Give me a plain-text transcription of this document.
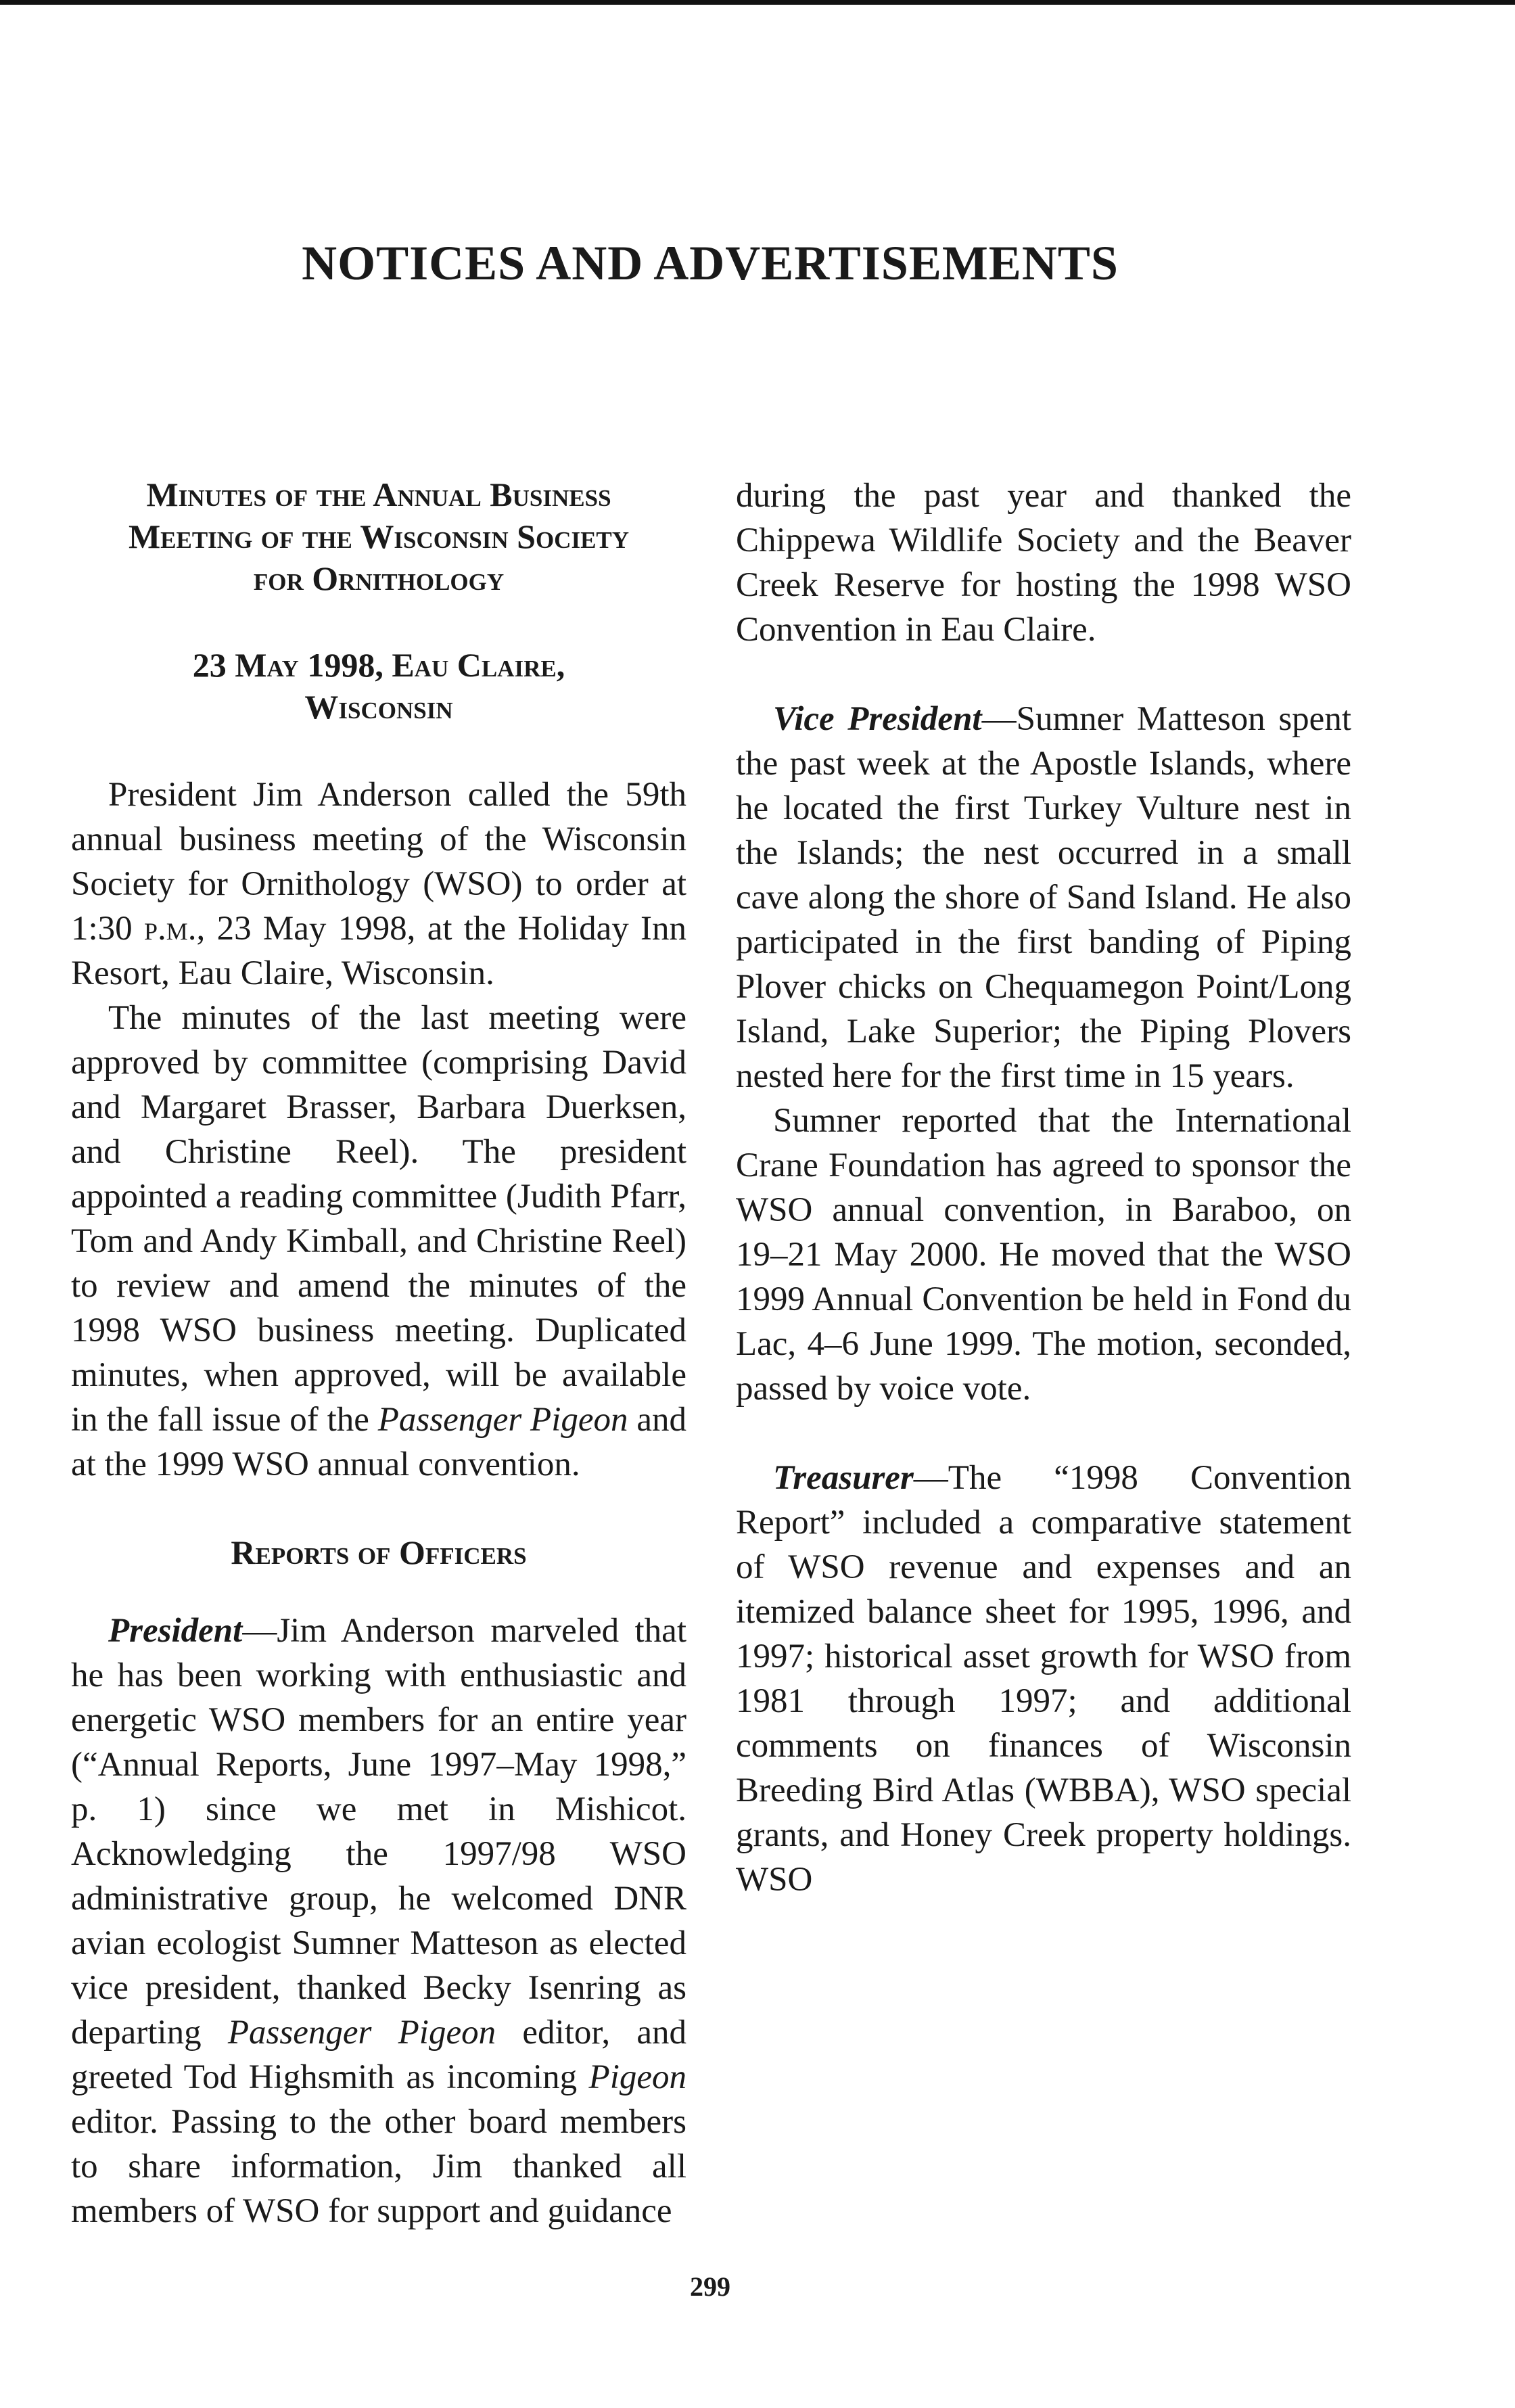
NOTICES AND ADVERTISEMENTS

Minutes of the Annual Business

Meeting of the Wisconsin Society

for Ornithology

23 May 1998, Eau Claire,

Wisconsin

President Jim Anderson called the 59th annual business meeting of the Wisconsin Society for Ornithology (WSO) to order at 1:30 p.m., 23 May 1998, at the Holiday Inn Resort, Eau Claire, Wisconsin.

The minutes of the last meeting were approved by committee (comprising David and Margaret Brasser, Barbara Duerksen, and Christine Reel). The president appointed a reading committee (Judith Pfarr, Tom and Andy Kimball, and Christine Reel) to review and amend the minutes of the 1998 WSO business meeting. Duplicated minutes, when approved, will be available in the fall issue of the Passenger Pigeon and at the 1999 WSO annual convention.

Reports of Officers

President—Jim Anderson marveled that he has been working with enthusiastic and energetic WSO members for an entire year (“Annual Reports, June 1997–May 1998,” p. 1) since we met in Mishicot. Acknowledging the 1997/98 WSO administrative group, he welcomed DNR avian ecologist Sumner Matteson as elected vice president, thanked Becky Isenring as departing Passenger Pigeon editor, and greeted Tod Highsmith as incoming Pigeon editor. Passing to the other board members to share information, Jim thanked all members of WSO for support and guidance

during the past year and thanked the Chippewa Wildlife Society and the Beaver Creek Reserve for hosting the 1998 WSO Convention in Eau Claire.

Vice President—Sumner Matteson spent the past week at the Apostle Islands, where he located the first Turkey Vulture nest in the Islands; the nest occurred in a small cave along the shore of Sand Island. He also participated in the first banding of Piping Plover chicks on Chequamegon Point/Long Island, Lake Superior; the Piping Plovers nested here for the first time in 15 years.

Sumner reported that the International Crane Foundation has agreed to sponsor the WSO annual convention, in Baraboo, on 19–21 May 2000. He moved that the WSO 1999 Annual Convention be held in Fond du Lac, 4–6 June 1999. The motion, seconded, passed by voice vote.

Treasurer—The “1998 Convention Report” included a comparative statement of WSO revenue and expenses and an itemized balance sheet for 1995, 1996, and 1997; historical asset growth for WSO from 1981 through 1997; and additional comments on finances of Wisconsin Breeding Bird Atlas (WBBA), WSO special grants, and Honey Creek property holdings. WSO

299
